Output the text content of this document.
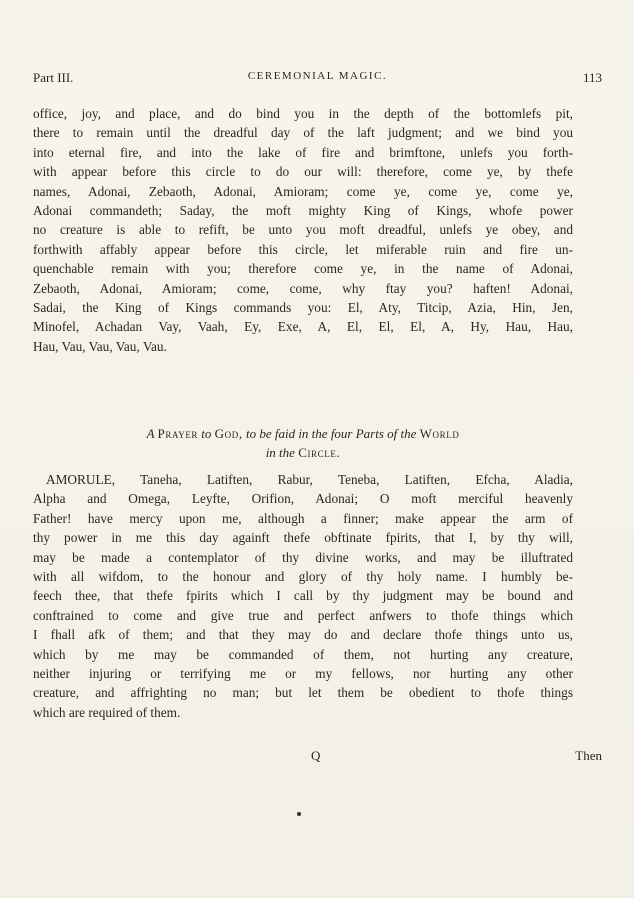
Part III.	CEREMONIAL MAGIC.	113

office, joy, and place, and do bind you in the depth of the bottomlefs pit,

there to remain until the dreadful day of the laft judgment; and we bind you

into eternal fire, and into the lake of fire and brimftone, unlefs you forth-

with appear before this circle to do our will: therefore, come ye, by thefe

names, Adonai, Zebaoth, Adonai, Amioram; come ye, come ye, come ye,

Adonai commandeth; Saday, the moft mighty King of Kings, whofe power

no creature is able to refift, be unto you moft dreadful, unlefs ye obey, and

forthwith affably appear before this circle, let miferable ruin and fire un-

quenchable remain with you; therefore come ye, in the name of Adonai,

Zebaoth, Adonai, Amioram; come, come, why ftay you? haften! Adonai,

Sadai, the King of Kings commands you: El, Aty, Titcip, Azia, Hin, Jen,

Minofel, Achadan Vay, Vaah, Ey, Exe, A, El, El, El, A, Hy, Hau, Hau,

Hau, Vau, Vau, Vau, Vau.

A Prayer to God, to be faid in the four Parts of the World
in the Circle.

AMORULE, Taneha, Latiften, Rabur, Teneba, Latiften, Efcha, Aladia,

Alpha and Omega, Leyfte, Orifion, Adonai; O moft merciful heavenly

Father! have mercy upon me, although a finner; make appear the arm of

thy power in me this day againft thefe obftinate fpirits, that I, by thy will,

may be made a contemplator of thy divine works, and may be illuftrated

with all wifdom, to the honour and glory of thy holy name. I humbly be-

feech thee, that thefe fpirits which I call by thy judgment may be bound and

conftrained to come and give true and perfect anfwers to thofe things which

I fhall afk of them; and that they may do and declare thofe things unto us,

which by me may be commanded of them, not hurting any creature,

neither injuring or terrifying me or my fellows, nor hurting any other

creature, and affrighting no man; but let them be obedient to thofe things

which are required of them.

Q	Then
